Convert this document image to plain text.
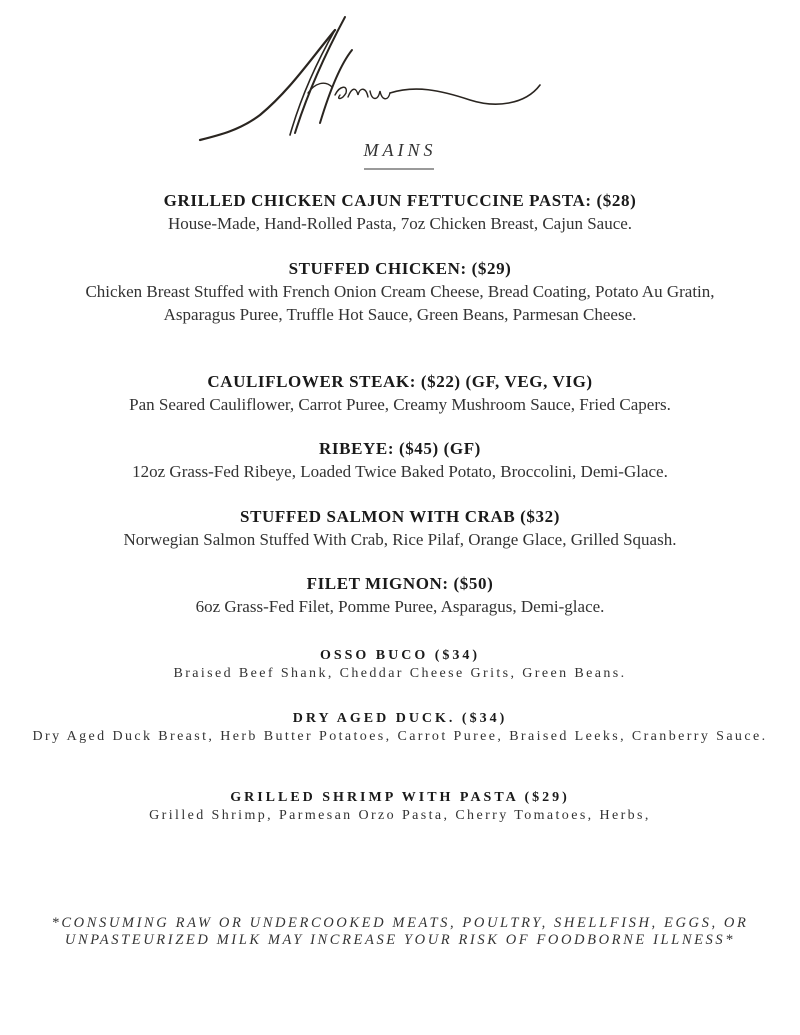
MAINS
GRILLED CHICKEN CAJUN FETTUCCINE PASTA: ($28)
House-Made, Hand-Rolled Pasta, 7oz Chicken Breast, Cajun Sauce.
STUFFED CHICKEN: ($29)
Chicken Breast Stuffed with French Onion Cream Cheese, Bread Coating, Potato Au Gratin, Asparagus Puree, Truffle Hot Sauce, Green Beans, Parmesan Cheese.
CAULIFLOWER STEAK: ($22) (GF, VEG, VIG)
Pan Seared Cauliflower, Carrot Puree, Creamy Mushroom Sauce, Fried Capers.
RIBEYE: ($45) (GF)
12oz Grass-Fed Ribeye, Loaded Twice Baked Potato, Broccolini, Demi-Glace.
STUFFED SALMON WITH CRAB ($32)
Norwegian Salmon Stuffed With Crab, Rice Pilaf, Orange Glace, Grilled Squash.
FILET MIGNON: ($50)
6oz Grass-Fed Filet, Pomme Puree, Asparagus, Demi-glace.
OSSO BUCO ($34)
Braised Beef Shank, Cheddar Cheese Grits, Green Beans.
DRY AGED DUCK. ($34)
Dry Aged Duck Breast, Herb Butter Potatoes, Carrot Puree, Braised Leeks, Cranberry Sauce.
GRILLED SHRIMP WITH PASTA ($29)
Grilled Shrimp, Parmesan Orzo Pasta, Cherry Tomatoes, Herbs,
*CONSUMING RAW OR UNDERCOOKED MEATS, POULTRY, SHELLFISH, EGGS, OR UNPASTEURIZED MILK MAY INCREASE YOUR RISK OF FOODBORNE ILLNESS*
